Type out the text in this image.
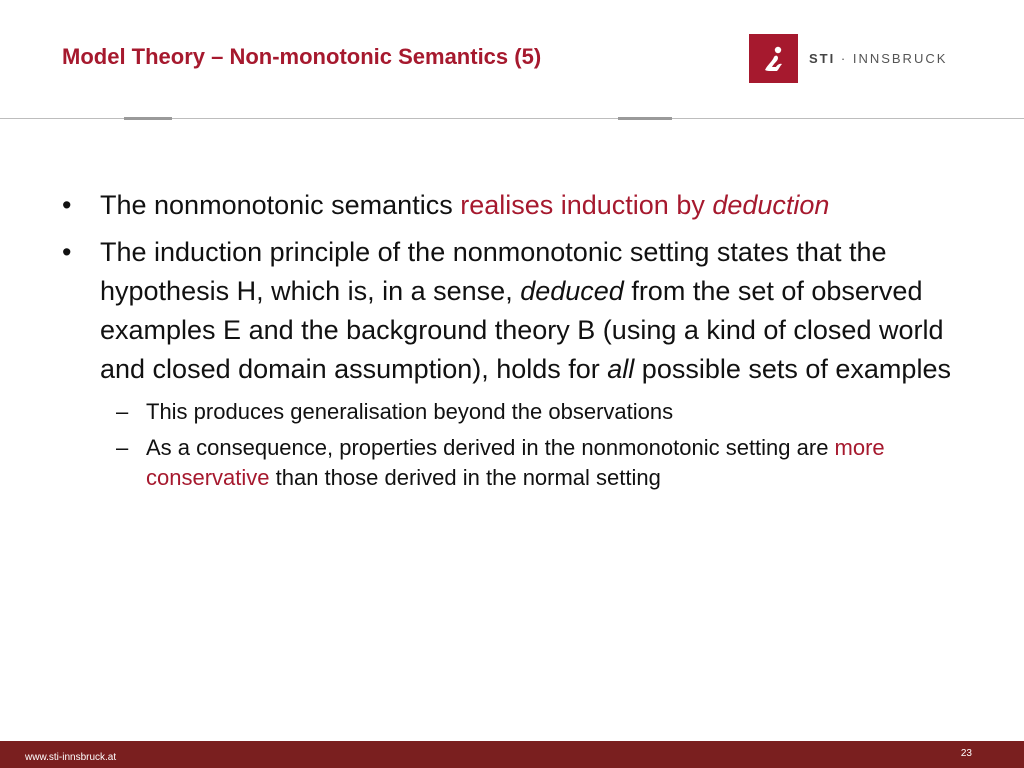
Model Theory – Non-monotonic Semantics (5)	STI · INNSBRUCK
• The nonmonotonic semantics realises induction by deduction
• The induction principle of the nonmonotonic setting states that the hypothesis H, which is, in a sense, deduced from the set of observed examples E and the background theory B (using a kind of closed world and closed domain assumption), holds for all possible sets of examples
– This produces generalisation beyond the observations
– As a consequence, properties derived in the nonmonotonic setting are more conservative than those derived in the normal setting
www.sti-innsbruck.at	23
